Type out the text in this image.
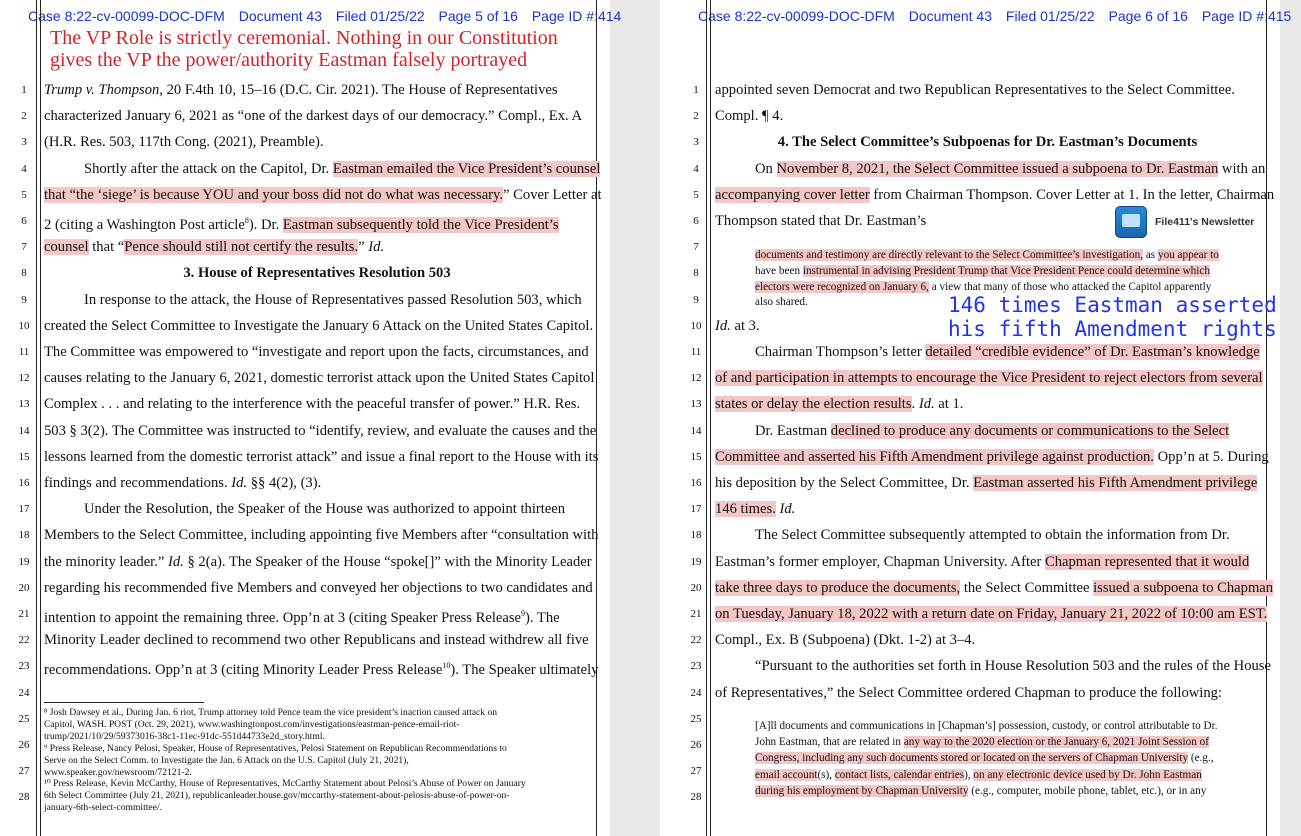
Case 8:22-cv-00099-DOC-DFM Document 43 Filed 01/25/22 Page 5 of 16 Page ID #:414
The VP Role is strictly ceremonial. Nothing in our Constitution
gives the VP the power/authority Eastman falsely portrayed
1
2
3
4
5
6
7
8
9
10
11
12
13
14
15
16
17
18
19
20
21
22
23
24
25
26
27
28
Trump v. Thompson, 20 F.4th 10, 15–16 (D.C. Cir. 2021). The House of Representatives
characterized January 6, 2021 as “one of the darkest days of our democracy.” Compl., Ex. A
(H.R. Res. 503, 117th Cong. (2021), Preamble).
Shortly after the attack on the Capitol, Dr. Eastman emailed the Vice President’s counsel
that “the ‘siege’ is because YOU and your boss did not do what was necessary.” Cover Letter at
2 (citing a Washington Post article$^8$). Dr. Eastman subsequently told the Vice President’s
counsel that “Pence should still not certify the results.” Id.
3. House of Representatives Resolution 503
In response to the attack, the House of Representatives passed Resolution 503, which
created the Select Committee to Investigate the January 6 Attack on the United States Capitol.
The Committee was empowered to “investigate and report upon the facts, circumstances, and
causes relating to the January 6, 2021, domestic terrorist attack upon the United States Capitol
Complex . . . and relating to the interference with the peaceful transfer of power.” H.R. Res.
503 § 3(2). The Committee was instructed to “identify, review, and evaluate the causes and the
lessons learned from the domestic terrorist attack” and issue a final report to the House with its
findings and recommendations. Id. §§ 4(2), (3).
Under the Resolution, the Speaker of the House was authorized to appoint thirteen
Members to the Select Committee, including appointing five Members after “consultation with
the minority leader.” Id. § 2(a). The Speaker of the House “spoke[]” with the Minority Leader
regarding his recommended five Members and conveyed her objections to two candidates and
intention to appoint the remaining three. Opp’n at 3 (citing Speaker Press Release$^9$). The
Minority Leader declined to recommend two other Republicans and instead withdrew all five
recommendations. Opp’n at 3 (citing Minority Leader Press Release$^{10}$). The Speaker ultimately
⁸ Josh Dawsey et al., During Jan. 6 riot, Trump attorney told Pence team the vice president’s inaction caused attack on
Capitol, WASH. POST (Oct. 29, 2021), www.washingtonpost.com/investigations/eastman-pence-email-riot-
trump/2021/10/29/59373016-38c1-11ec-91dc-551d44733e2d_story.html.
⁹ Press Release, Nancy Pelosi, Speaker, House of Representatives, Pelosi Statement on Republican Recommendations to
Serve on the Select Comm. to Investigate the Jan. 6 Attack on the U.S. Capitol (July 21, 2021),
www.speaker.gov/newsroom/72121-2.
¹⁰ Press Release, Kevin McCarthy, House of Representatives, McCarthy Statement about Pelosi’s Abuse of Power on January
6th Select Committee (July 21, 2021), republicanleader.house.gov/mccarthy-statement-about-pelosis-abuse-of-power-on-
january-6th-select-committee/.
Case 8:22-cv-00099-DOC-DFM Document 43 Filed 01/25/22 Page 6 of 16 Page ID #:415
File411's Newsletter
146 times Eastman asserted
his fifth Amendment rights
1
2
3
4
5
6
7
8
9
10
11
12
13
14
15
16
17
18
19
20
21
22
23
24
25
26
27
28
appointed seven Democrat and two Republican Representatives to the Select Committee.
Compl. ¶ 4.
4. The Select Committee’s Subpoenas for Dr. Eastman’s Documents
On November 8, 2021, the Select Committee issued a subpoena to Dr. Eastman with an
accompanying cover letter from Chairman Thompson. Cover Letter at 1. In the letter, Chairman
Thompson stated that Dr. Eastman’s
Id. at 3.
Chairman Thompson’s letter detailed “credible evidence” of Dr. Eastman’s knowledge
of and participation in attempts to encourage the Vice President to reject electors from several
states or delay the election results. Id. at 1.
Dr. Eastman declined to produce any documents or communications to the Select
Committee and asserted his Fifth Amendment privilege against production. Opp’n at 5. During
his deposition by the Select Committee, Dr. Eastman asserted his Fifth Amendment privilege
146 times. Id.
The Select Committee subsequently attempted to obtain the information from Dr.
Eastman’s former employer, Chapman University. After Chapman represented that it would
take three days to produce the documents, the Select Committee issued a subpoena to Chapman
on Tuesday, January 18, 2022 with a return date on Friday, January 21, 2022 of 10:00 am EST.
Compl., Ex. B (Subpoena) (Dkt. 1-2) at 3–4.
“Pursuant to the authorities set forth in House Resolution 503 and the rules of the House
of Representatives,” the Select Committee ordered Chapman to produce the following:
documents and testimony are directly relevant to the Select Committee’s investigation, as you appear to
have been instrumental in advising President Trump that Vice President Pence could determine which
electors were recognized on January 6, a view that many of those who attacked the Capitol apparently
also shared.
[A]ll documents and communications in [Chapman’s] possession, custody, or control attributable to Dr.
John Eastman, that are related in any way to the 2020 election or the January 6, 2021 Joint Session of
Congress, including any such documents stored or located on the servers of Chapman University (e.g.,
email account(s), contact lists, calendar entries), on any electronic device used by Dr. John Eastman
during his employment by Chapman University (e.g., computer, mobile phone, tablet, etc.), or in any
